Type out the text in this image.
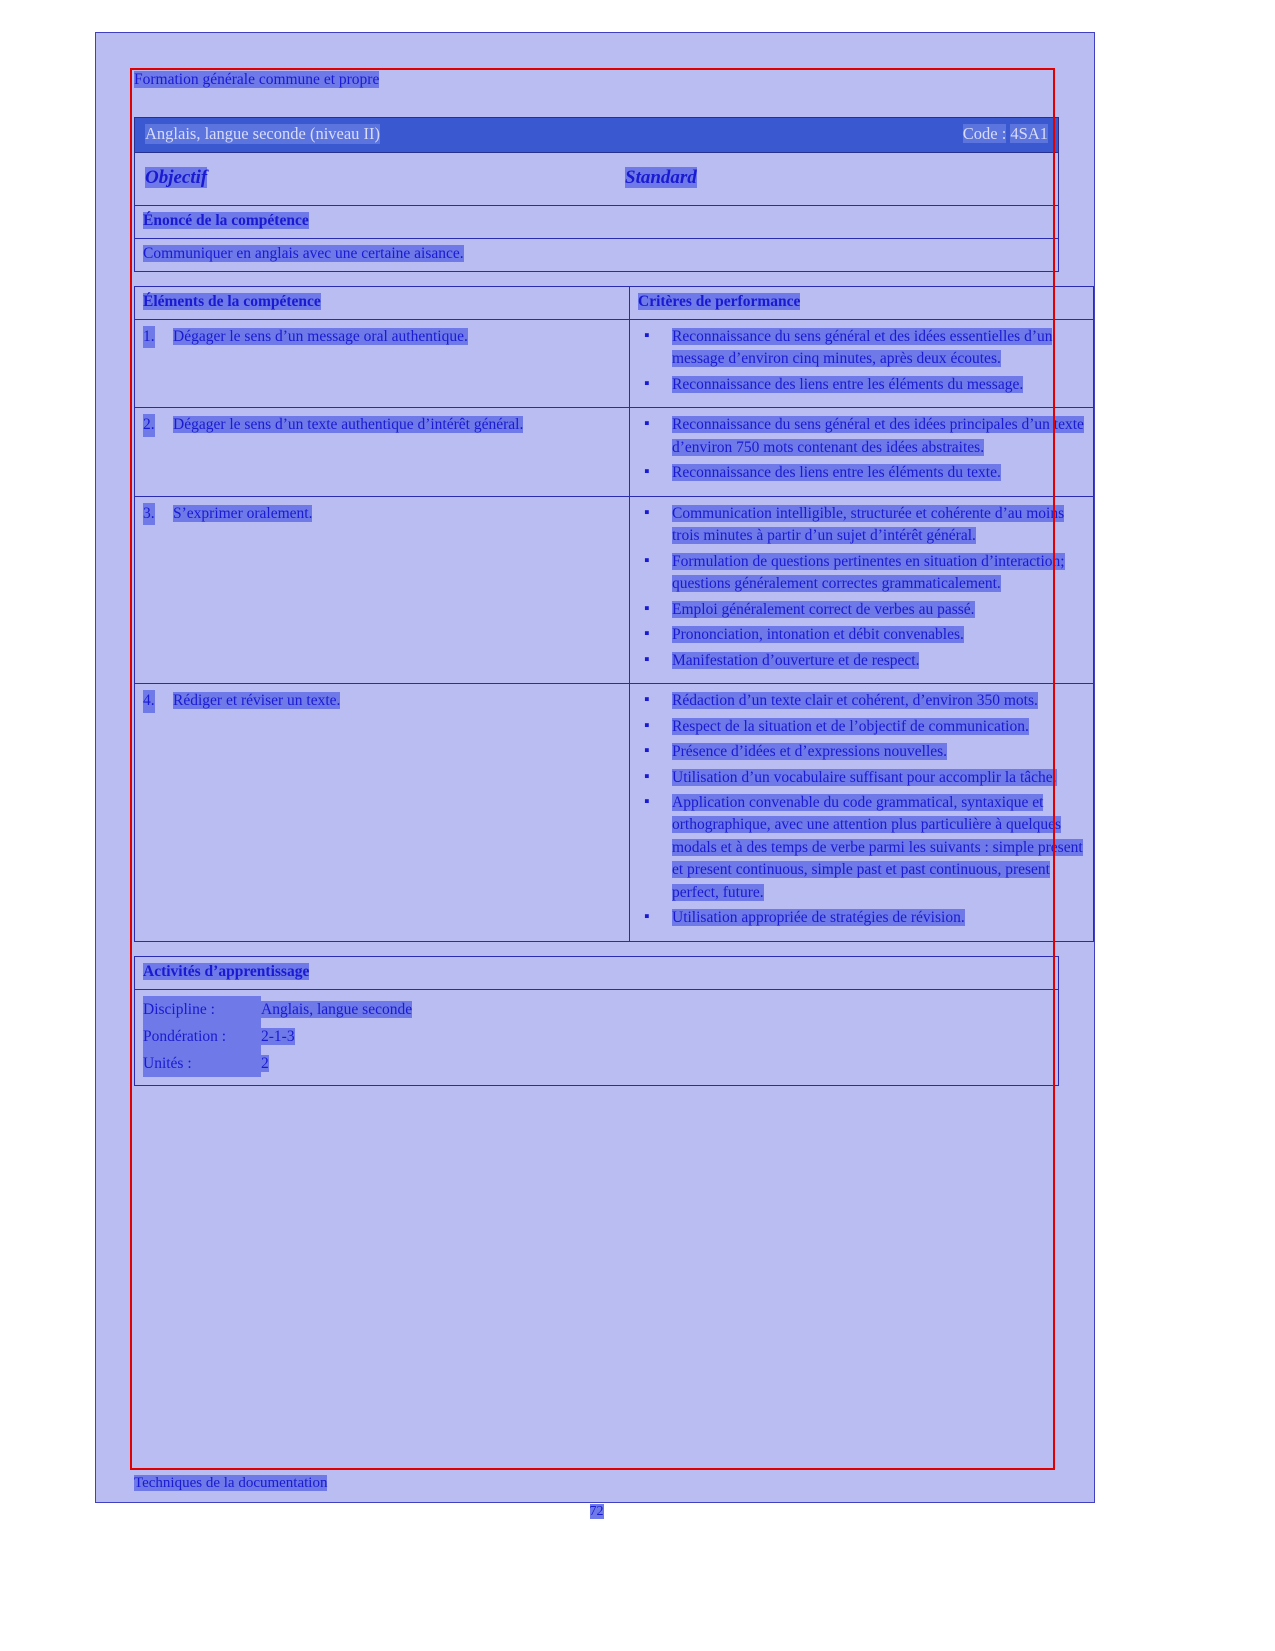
Formation générale commune et propre
Anglais, langue seconde (niveau II)	Code : 4SA1
Objectif	Standard
Énoncé de la compétence
Communiquer en anglais avec une certaine aisance.
Éléments de la compétence	Critères de performance

1. Dégager le sens d’un message oral authentique.

▪Reconnaissance du sens général et des idées essentielles d’un message d’environ cinq minutes, après deux écoutes.
▪ Reconnaissance des liens entre les éléments du message.

2. Dégager le sens d’un texte authentique d’intérêt général.

▪Reconnaissance du sens général et des idées principales d’un texte d’environ 750 mots contenant des idées abstraites.
▪ Reconnaissance des liens entre les éléments du texte.

3. S’exprimer oralement.

▪Communication intelligible, structurée et cohérente d’au moins trois minutes à partir d’un sujet d’intérêt général.
▪ Formulation de questions pertinentes en situation d’interaction; questions généralement correctes grammaticalement.
▪ Emploi généralement correct de verbes au passé.
▪ Prononciation, intonation et débit convenables.
▪ Manifestation d’ouverture et de respect.

4. Rédiger et réviser un texte.

▪Rédaction d’un texte clair et cohérent, d’environ 350 mots.
▪ Respect de la situation et de l’objectif de communication.
▪ Présence d’idées et d’expressions nouvelles.
▪ Utilisation d’un vocabulaire suffisant pour accomplir la tâche.
▪ Application convenable du code grammatical, syntaxique et orthographique, avec une attention plus particulière à quelques modals et à des temps de verbe parmi les suivants : simple present et present continuous, simple past et past continuous, present perfect, future.
▪ Utilisation appropriée de stratégies de révision.
Activités d’apprentissage

Discipline :	Anglais, langue seconde
Pondération : 2-1-3
Unités :	2
Techniques de la documentation
72
